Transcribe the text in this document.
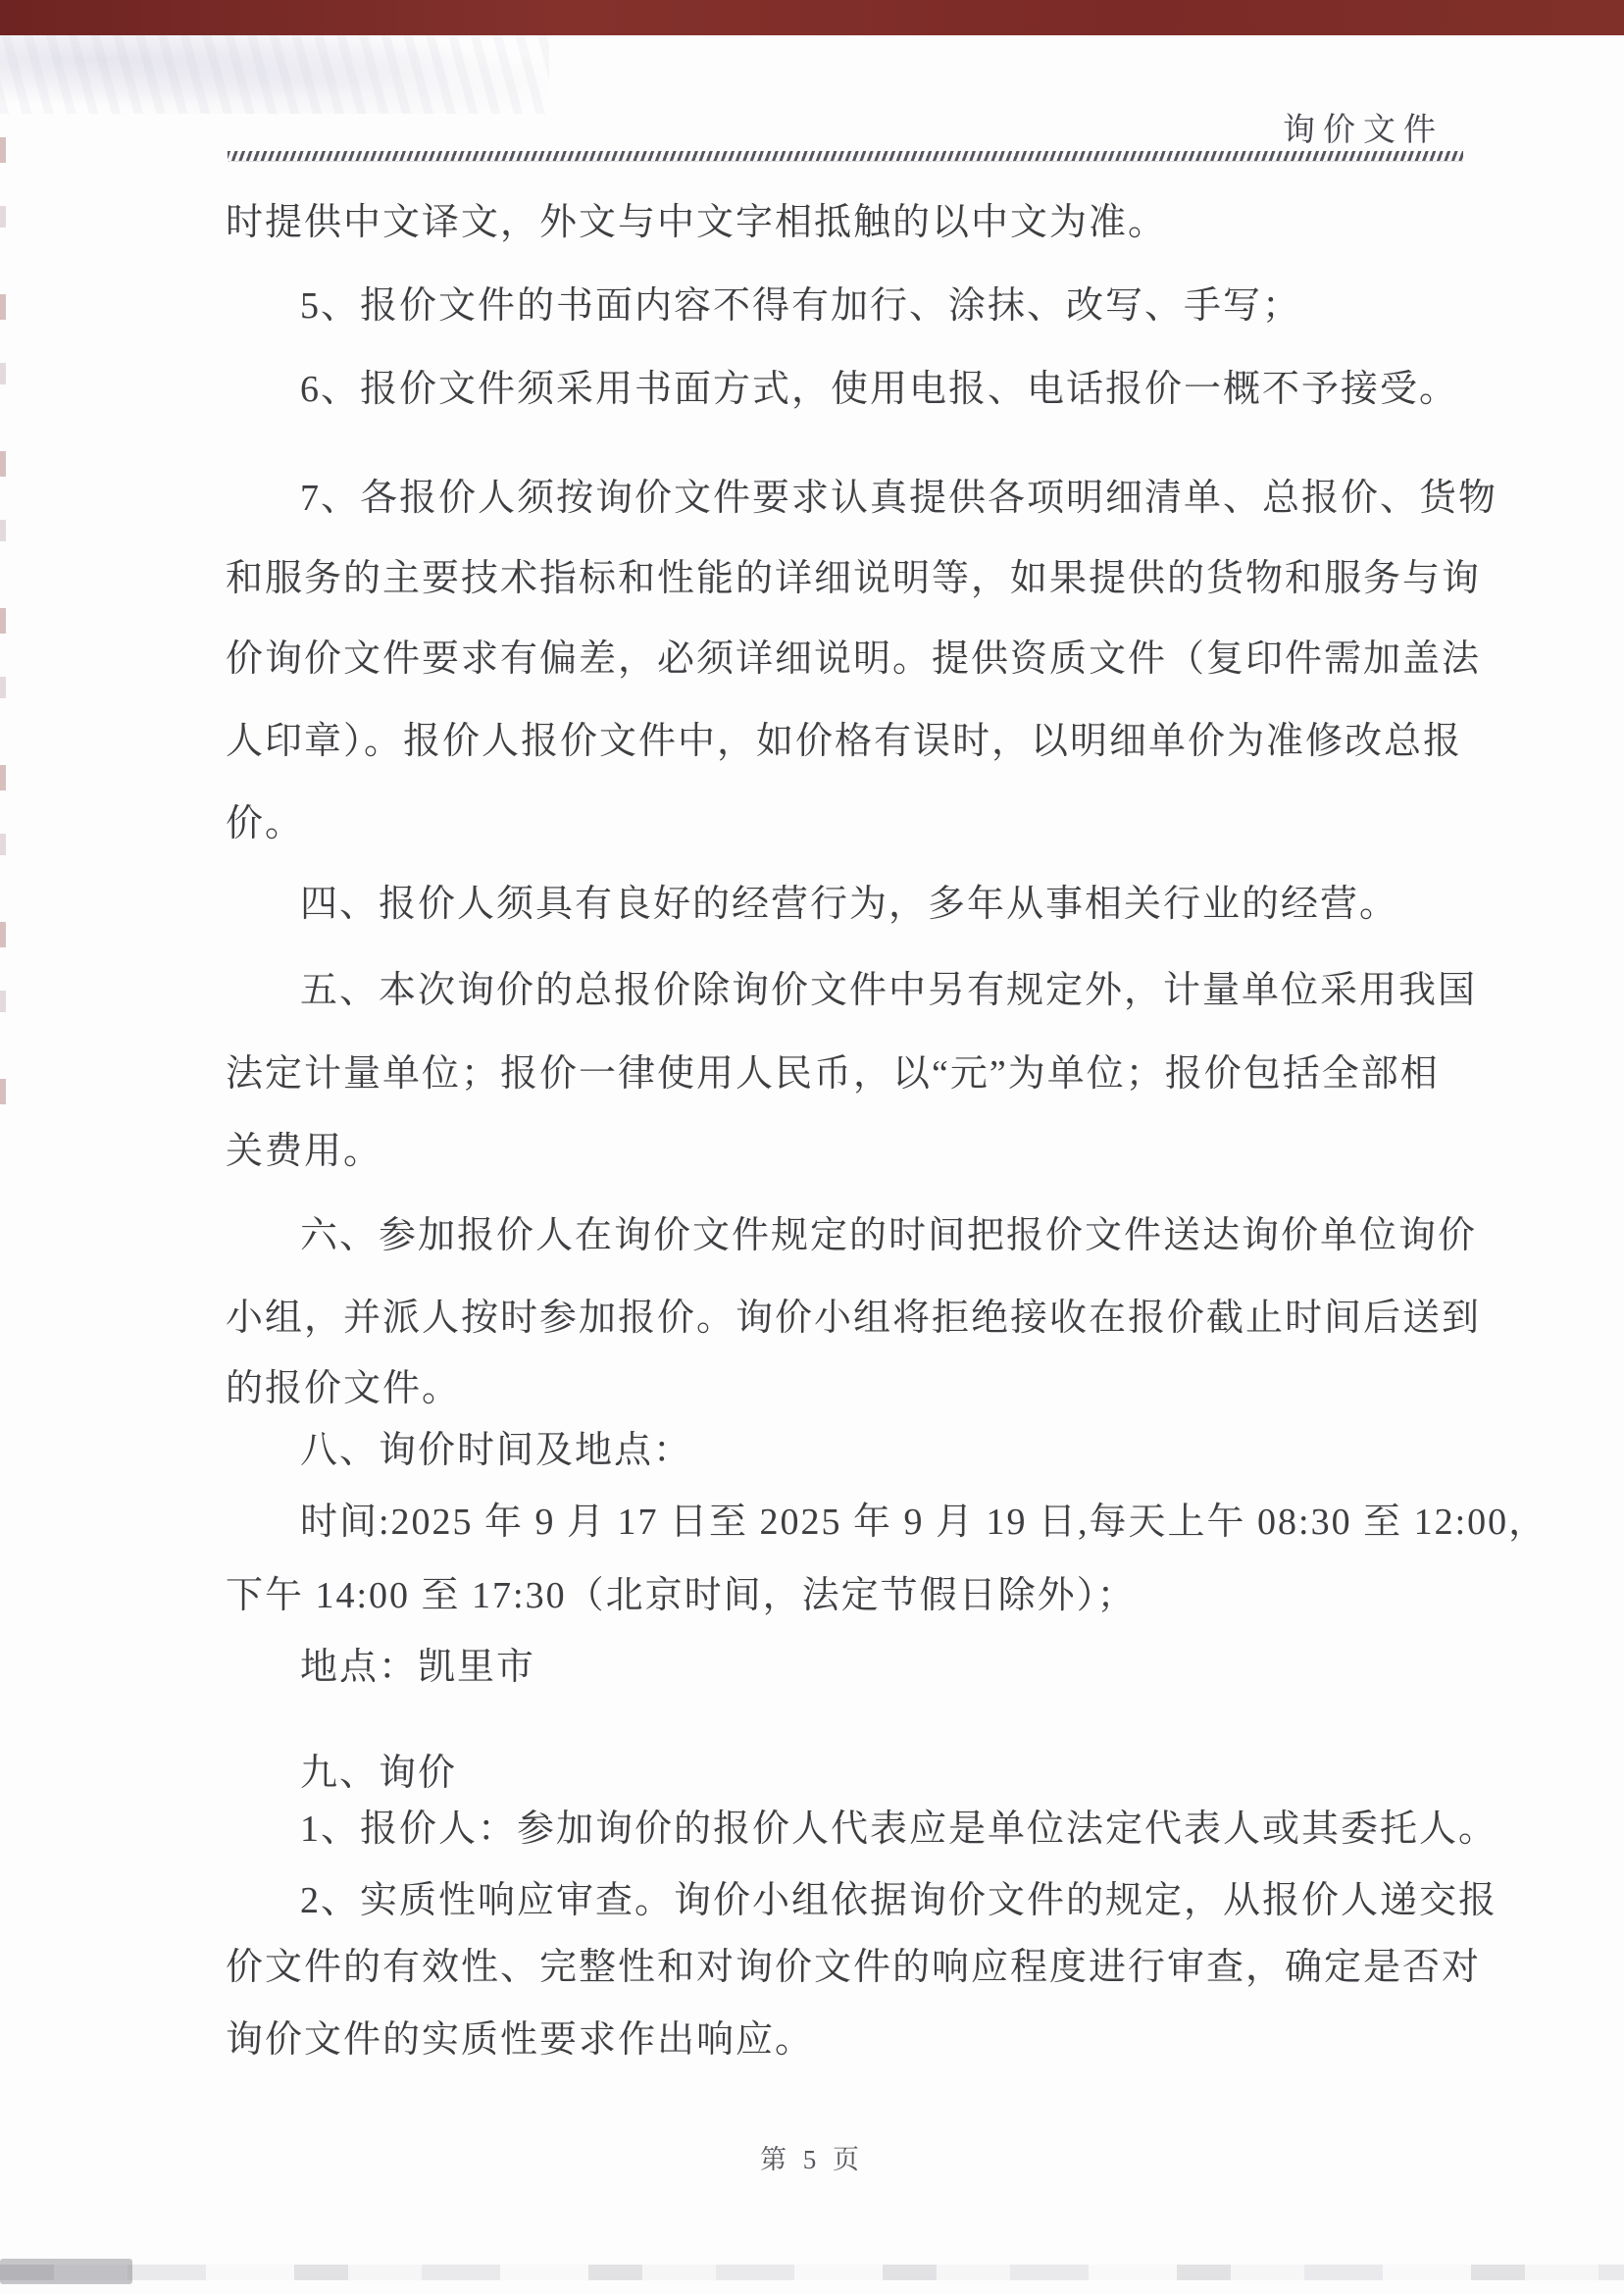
询价文件
时提供中文译文，外文与中文字相抵触的以中文为准。
5、报价文件的书面内容不得有加行、涂抹、改写、手写；
6、报价文件须采用书面方式，使用电报、电话报价一概不予接受。
7、各报价人须按询价文件要求认真提供各项明细清单、总报价、货物
和服务的主要技术指标和性能的详细说明等，如果提供的货物和服务与询
价询价文件要求有偏差，必须详细说明。提供资质文件（复印件需加盖法
人印章）。报价人报价文件中，如价格有误时，以明细单价为准修改总报
价。
四、报价人须具有良好的经营行为，多年从事相关行业的经营。
五、本次询价的总报价除询价文件中另有规定外，计量单位采用我国
法定计量单位；报价一律使用人民币，以“元”为单位；报价包括全部相
关费用。
六、参加报价人在询价文件规定的时间把报价文件送达询价单位询价
小组，并派人按时参加报价。询价小组将拒绝接收在报价截止时间后送到
的报价文件。
八、询价时间及地点：
时间:2025 年 9 月 17 日至 2025 年 9 月 19 日,每天上午 08:30 至 12:00，
下午 14:00 至 17:30（北京时间，法定节假日除外）；
地点：凯里市
九、询价
1、报价人：参加询价的报价人代表应是单位法定代表人或其委托人。
2、实质性响应审查。询价小组依据询价文件的规定，从报价人递交报
价文件的有效性、完整性和对询价文件的响应程度进行审查，确定是否对
询价文件的实质性要求作出响应。
第 5 页
